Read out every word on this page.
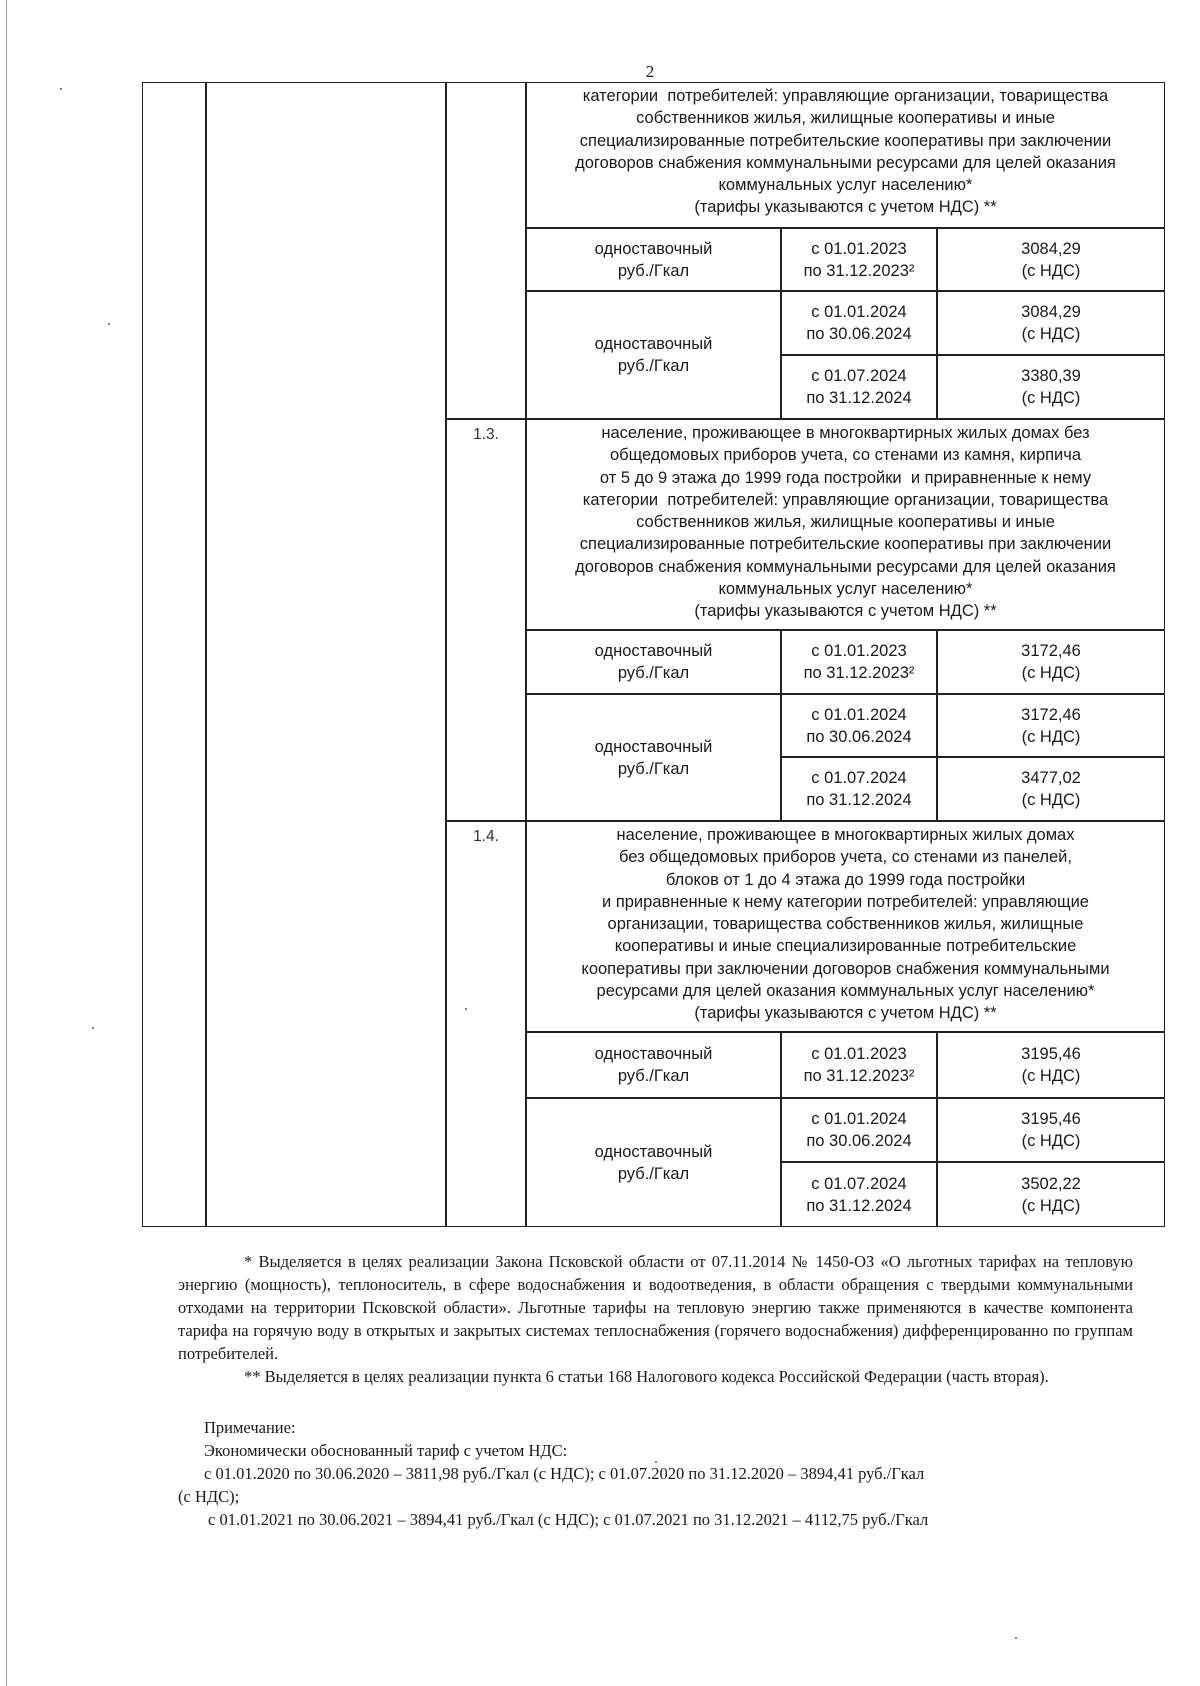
2
категории  потребителей: управляющие организации, товарищества
собственников жилья, жилищные кооперативы и иные
специализированные потребительские кооперативы при заключении
договоров снабжения коммунальными ресурсами для целей оказания
коммунальных услуг населению*
(тарифы указываются с учетом НДС) **
одноставочный
руб./Гкал
с 01.01.2023
по 31.12.2023²
3084,29
(с НДС)
одноставочный
руб./Гкал
с 01.01.2024
по 30.06.2024
3084,29
(с НДС)
с 01.07.2024
по 31.12.2024
3380,39
(с НДС)
1.3.	население, проживающее в многоквартирных жилых домах без
общедомовых приборов учета, со стенами из камня, кирпича
от 5 до 9 этажа до 1999 года постройки  и приравненные к нему
категории  потребителей: управляющие организации, товарищества
собственников жилья, жилищные кооперативы и иные
специализированные потребительские кооперативы при заключении
договоров снабжения коммунальными ресурсами для целей оказания
коммунальных услуг населению*
(тарифы указываются с учетом НДС) **
одноставочный
руб./Гкал
с 01.01.2023
по 31.12.2023²
3172,46
(с НДС)
одноставочный
руб./Гкал
с 01.01.2024
по 30.06.2024
3172,46
(с НДС)
с 01.07.2024
по 31.12.2024
3477,02
(с НДС)
1.4.	население, проживающее в многоквартирных жилых домах
без общедомовых приборов учета, со стенами из панелей,
блоков от 1 до 4 этажа до 1999 года постройки
и приравненные к нему категории потребителей: управляющие
организации, товарищества собственников жилья, жилищные
кооперативы и иные специализированные потребительские
кооперативы при заключении договоров снабжения коммунальными
ресурсами для целей оказания коммунальных услуг населению*
(тарифы указываются с учетом НДС) **
одноставочный
руб./Гкал
с 01.01.2023
по 31.12.2023²
3195,46
(с НДС)
одноставочный
руб./Гкал
с 01.01.2024
по 30.06.2024
3195,46
(с НДС)
с 01.07.2024
по 31.12.2024
3502,22
(с НДС)

* Выделяется в целях реализации Закона Псковской области от 07.11.2014 № 1450-ОЗ «О льготных тарифах на тепловую энергию (мощность), теплоноситель, в сфере водоснабжения и водоотведения, в области обращения с твердыми коммунальными отходами на территории Псковской области». Льготные тарифы на тепловую энергию также применяются в качестве компонента тарифа на горячую воду в открытых и закрытых системах теплоснабжения (горячего водоснабжения) дифференцированно по группам потребителей.

** Выделяется в целях реализации пункта 6 статьи 168 Налогового кодекса Российской Федерации (часть вторая).

Примечание:

Экономически обоснованный тариф с учетом НДС:

с 01.01.2020 по 30.06.2020 – 3811,98 руб./Гкал (с НДС); с 01.07.2020 по 31.12.2020 – 3894,41 руб./Гкал

(с НДС);

с 01.01.2021 по 30.06.2021 – 3894,41 руб./Гкал (с НДС); с 01.07.2021 по 31.12.2021 – 4112,75 руб./Гкал
